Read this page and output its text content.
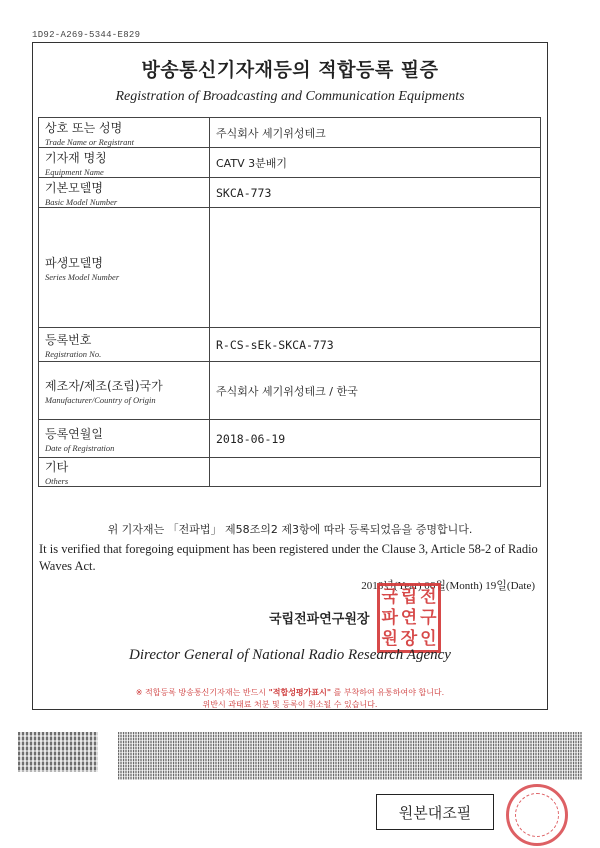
1D92-A269-5344-E829
방송통신기자재등의 적합등록 필증
Registration of Broadcasting and Communication Equipments
상호 또는 성명
Trade Name or Registrant	주식회사 세기위성테크

기자재 명칭
Equipment Name	CATV 3분배기

기본모델명
Basic Model Number	SKCA-773

파생모델명
Series Model Number	

등록번호
Registration No.	R-CS-sEk-SKCA-773

제조자/제조(조립)국가
Manufacturer/Country of Origin	주식회사 세기위성테크 / 한국

등록연월일
Date of Registration	2018-06-19

기타
Others	

위 기자재는 「전파법」 제58조의2 제3항에 따라 등록되었음을 증명합니다.
It is verified that foregoing equipment has been registered under the Clause 3, Article 58-2 of Radio Waves Act.
2018년(Year) 06월(Month) 19일(Date)
국립전파연구원장
국 립 전
파 연 구
원 장 인
Director General of National Radio Research Agency
※ 적합등록 방송통신기자재는 반드시 "적합성평가표시" 를 부착하여 유통하여야 합니다.
위반시 과태료 처분 및 등록이 취소될 수 있습니다.
원본대조필
